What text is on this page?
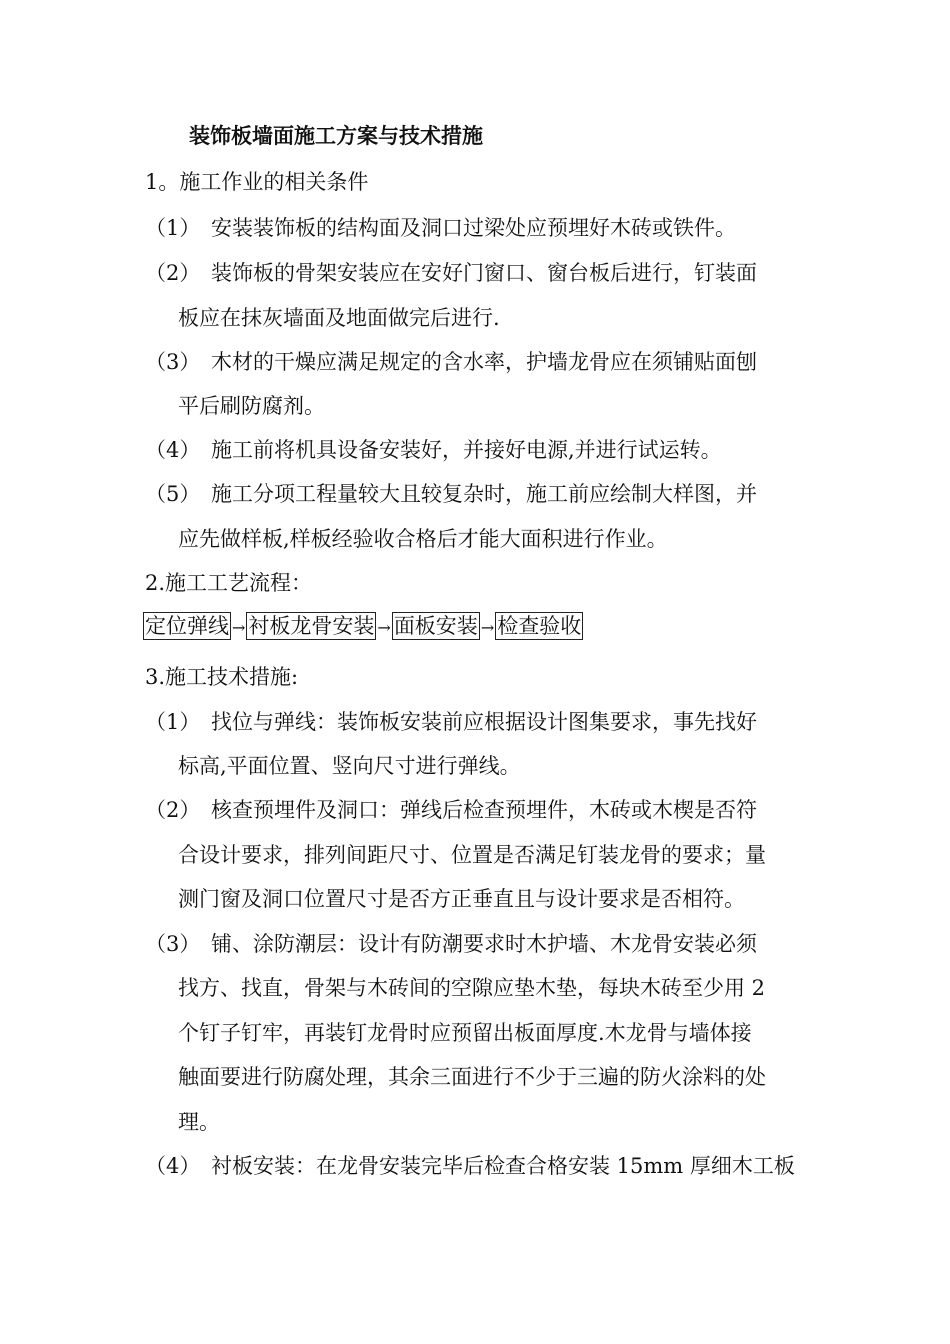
装饰板墙面施工方案与技术措施
1。施工作业的相关条件
（1） 安装装饰板的结构面及洞口过梁处应预埋好木砖或铁件。
（2） 装饰板的骨架安装应在安好门窗口、窗台板后进行，钉装面
板应在抹灰墙面及地面做完后进行.
（3） 木材的干燥应满足规定的含水率，护墙龙骨应在须铺贴面刨
平后刷防腐剂。
（4） 施工前将机具设备安装好，并接好电源,并进行试运转。
（5） 施工分项工程量较大且较复杂时，施工前应绘制大样图，并
应先做样板,样板经验收合格后才能大面积进行作业。
2.施工工艺流程：
定位弹线 → 衬板龙骨安装 → 面板安装 → 检查验收
3.施工技术措施:
（1） 找位与弹线：装饰板安装前应根据设计图集要求，事先找好
标高,平面位置、竖向尺寸进行弹线。
（2） 核查预埋件及洞口：弹线后检查预埋件，木砖或木楔是否符
合设计要求，排列间距尺寸、位置是否满足钉装龙骨的要求；量
测门窗及洞口位置尺寸是否方正垂直且与设计要求是否相符。
（3） 铺、涂防潮层：设计有防潮要求时木护墙、木龙骨安装必须
找方、找直，骨架与木砖间的空隙应垫木垫，每块木砖至少用 2
个钉子钉牢，再装钉龙骨时应预留出板面厚度.木龙骨与墙体接
触面要进行防腐处理，其余三面进行不少于三遍的防火涂料的处
理。
（4） 衬板安装：在龙骨安装完毕后检查合格安装 15mm 厚细木工板
